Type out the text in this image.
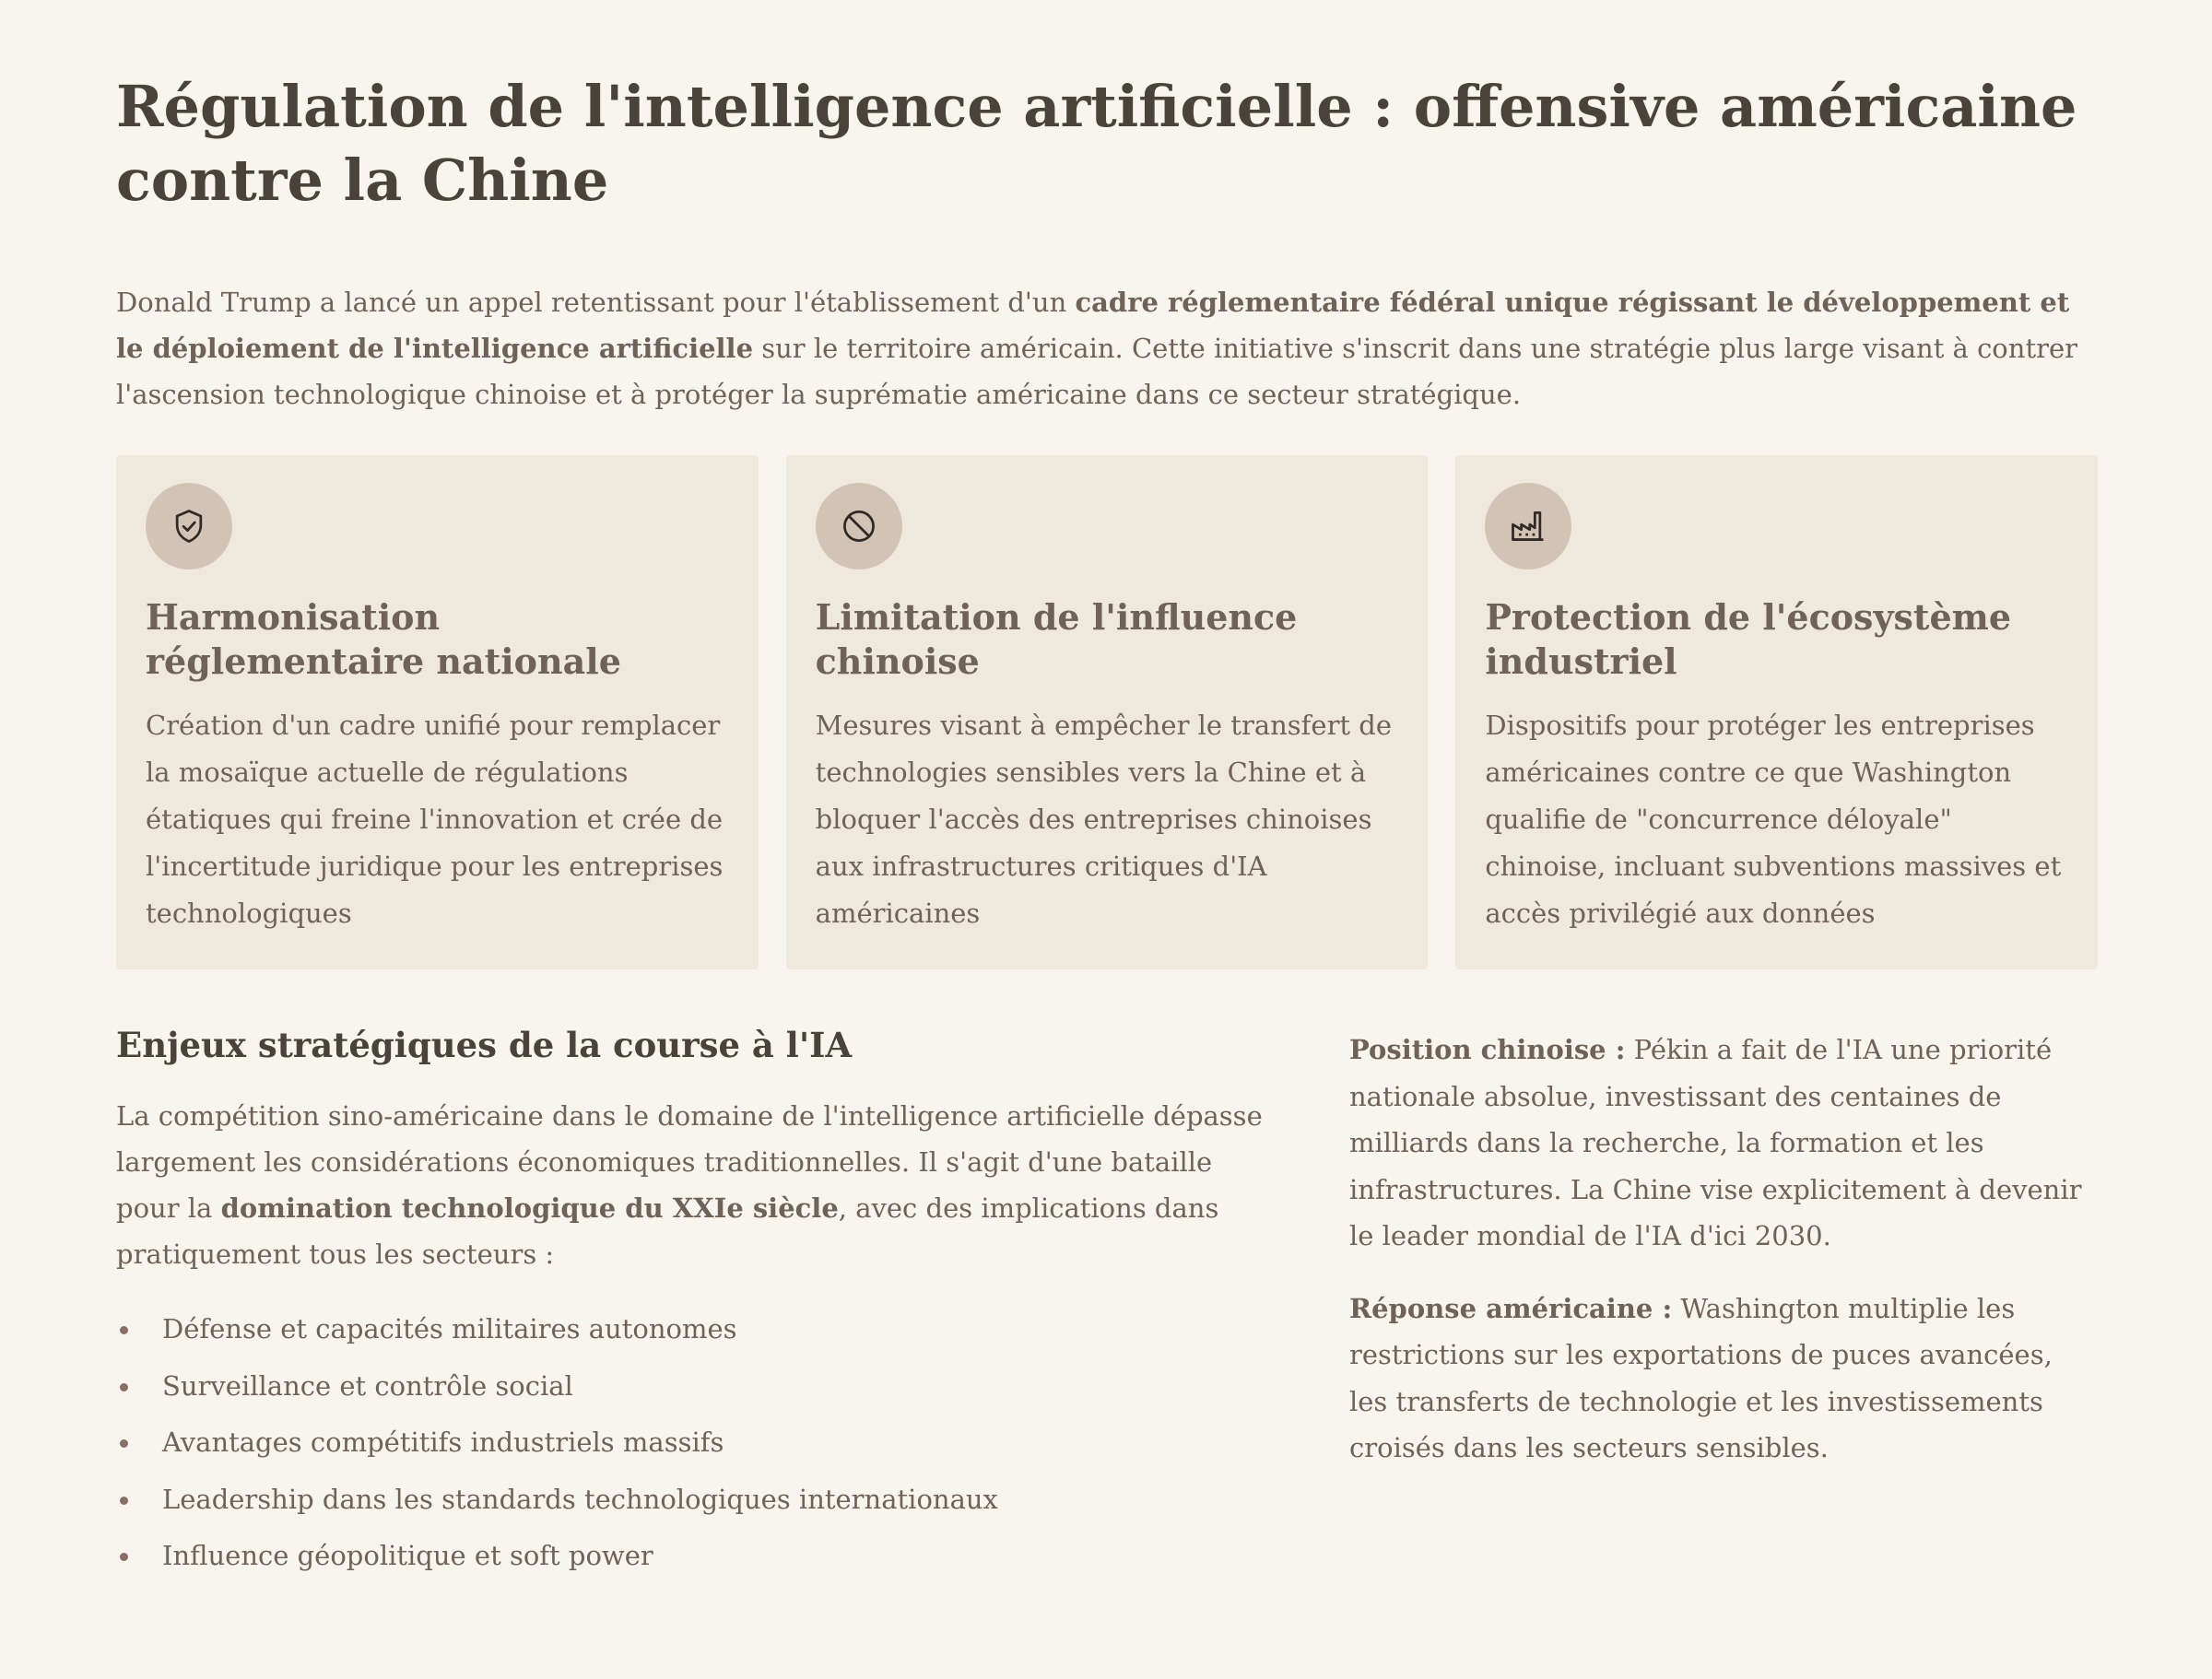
Régulation de l'intelligence artificielle : offensive américaine contre la Chine

Donald Trump a lancé un appel retentissant pour l'établissement d'un cadre réglementaire fédéral unique régissant le développement et le déploiement de l'intelligence artificielle sur le territoire américain. Cette initiative s'inscrit dans une stratégie plus large visant à contrer l'ascension technologique chinoise et à protéger la suprématie américaine dans ce secteur stratégique.

Harmonisation réglementaire nationale

Création d'un cadre unifié pour remplacer la mosaïque actuelle de régulations étatiques qui freine l'innovation et crée de l'incertitude juridique pour les entreprises technologiques

Limitation de l'influence chinoise

Mesures visant à empêcher le transfert de technologies sensibles vers la Chine et à bloquer l'accès des entreprises chinoises aux infrastructures critiques d'IA américaines

Protection de l'écosystème industriel

Dispositifs pour protéger les entreprises américaines contre ce que Washington qualifie de "concurrence déloyale" chinoise, incluant subventions massives et accès privilégié aux données

Enjeux stratégiques de la course à l'IA

La compétition sino-américaine dans le domaine de l'intelligence artificielle dépasse largement les considérations économiques traditionnelles. Il s'agit d'une bataille pour la domination technologique du XXIe siècle, avec des implications dans pratiquement tous les secteurs :

Défense et capacités militaires autonomes
Surveillance et contrôle social
Avantages compétitifs industriels massifs
Leadership dans les standards technologiques internationaux
Influence géopolitique et soft power

Position chinoise : Pékin a fait de l'IA une priorité nationale absolue, investissant des centaines de milliards dans la recherche, la formation et les infrastructures. La Chine vise explicitement à devenir le leader mondial de l'IA d'ici 2030.

Réponse américaine : Washington multiplie les restrictions sur les exportations de puces avancées, les transferts de technologie et les investissements croisés dans les secteurs sensibles.
